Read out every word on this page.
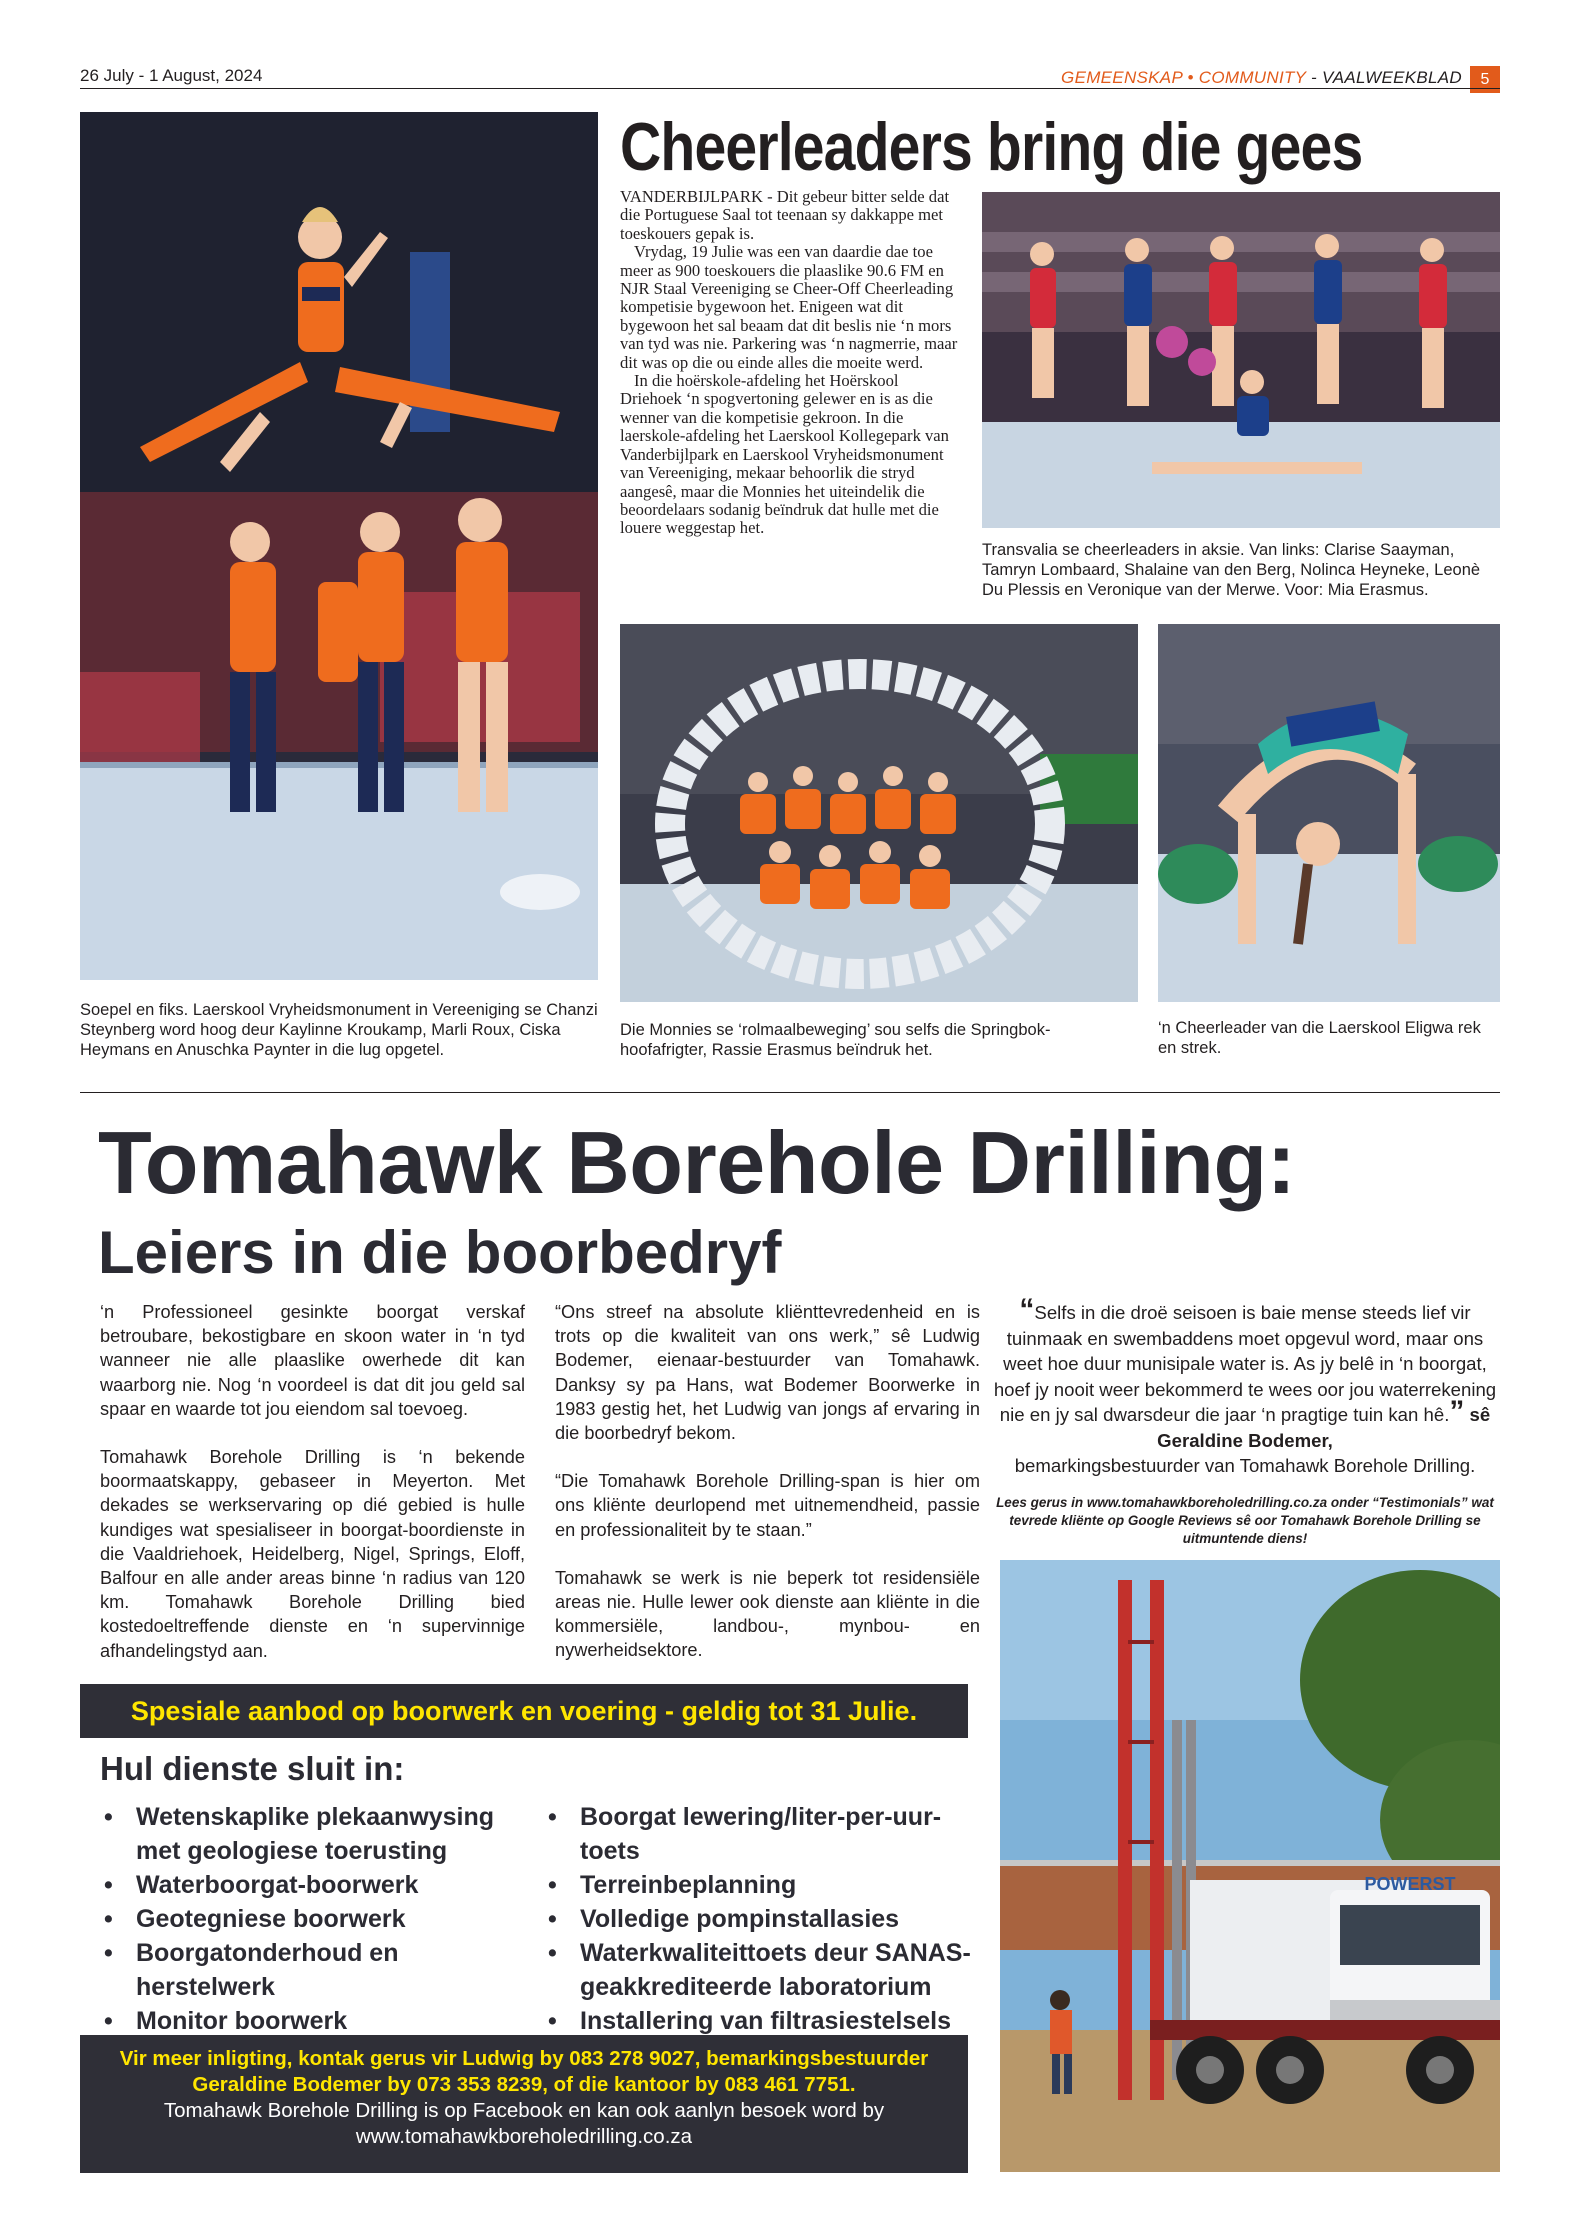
26 July - 1 August, 2024	GEMEENSKAP • COMMUNITY - VAALWEEKBLAD	5
Cheerleaders bring die gees

VANDERBIJLPARK - Dit gebeur bitter selde dat die Portuguese Saal tot teenaan sy dakkappe met toeskouers gepak is.

Vrydag, 19 Julie was een van daardie dae toe meer as 900 toeskouers die plaaslike 90.6 FM en NJR Staal Vereeniging se Cheer-Off Cheerleading kompetisie bygewoon het. Enigeen wat dit bygewoon het sal beaam dat dit beslis nie ‘n mors van tyd was nie. Parkering was ‘n nagmerrie, maar dit was op die ou einde alles die moeite werd.

In die hoërskole-afdeling het Hoërskool Driehoek ‘n spogvertoning gelewer en is as die wenner van die kompetisie gekroon. In die laerskole-afdeling het Laerskool Kollegepark van Vanderbijlpark en Laerskool Vryheidsmonument van Vereeniging, mekaar behoorlik die stryd aangesê, maar die Monnies het uiteindelik die beoordelaars sodanig beïndruk dat hulle met die louere weggestap het.

Transvalia se cheerleaders in aksie. Van links: Clarise Saayman, Tamryn Lombaard, Shalaine van den Berg, Nolinca Heyneke, Leonè Du Plessis en Veronique van der Merwe. Voor: Mia Erasmus.
Soepel en fiks. Laerskool Vryheidsmonument in Vereeniging se Chanzi Steynberg word hoog deur Kaylinne Kroukamp, Marli Roux, Ciska Heymans en Anuschka Paynter in die lug opgetel.
Die Monnies se ‘rolmaalbeweging’ sou selfs die Springbok-hoofafrigter, Rassie Erasmus beïndruk het.
‘n Cheerleader van die Laerskool Eligwa rek en strek.
Tomahawk Borehole Drilling:
Leiers in die boorbedryf

‘n Professioneel gesinkte boorgat verskaf betroubare, bekostigbare en skoon water in ‘n tyd wanneer nie alle plaaslike owerhede dit kan waarborg nie. Nog ‘n voordeel is dat dit jou geld sal spaar en waarde tot jou eiendom sal toevoeg.

Tomahawk Borehole Drilling is ‘n bekende boormaatskappy, gebaseer in Meyerton. Met dekades se werkservaring op dié gebied is hulle kundiges wat spesialiseer in boorgat-boordienste in die Vaaldriehoek, Heidelberg, Nigel, Springs, Eloff, Balfour en alle ander areas binne ‘n radius van 120 km. Tomahawk Borehole Drilling bied kostedoeltreffende dienste en ‘n supervinnige afhandelingstyd aan.

“Ons streef na absolute kliënttevredenheid en is trots op die kwaliteit van ons werk,” sê Ludwig Bodemer, eienaar-bestuurder van Tomahawk. Danksy sy pa Hans, wat Bodemer Boorwerke in 1983 gestig het, het Ludwig van jongs af ervaring in die boorbedryf bekom.

“Die Tomahawk Borehole Drilling-span is hier om ons kliënte deurlopend met uitnemendheid, passie en professionaliteit by te staan.”

Tomahawk se werk is nie beperk tot residensiële areas nie. Hulle lewer ook dienste aan kliënte in die kommersiële, landbou-, mynbou- en nywerheidsektore.

“Selfs in die droë seisoen is baie mense steeds lief vir tuinmaak en swembaddens moet opgevul word, maar ons weet hoe duur munisipale water is. As jy belê in ‘n boorgat, hoef jy nooit weer bekommerd te wees oor jou waterrekening nie en jy sal dwarsdeur die jaar ‘n pragtige tuin kan hê.” sê Geraldine Bodemer,
bemarkingsbestuurder van Tomahawk Borehole Drilling.
Lees gerus in www.tomahawkboreholedrilling.co.za onder “Testimonials” wat tevrede kliënte op Google Reviews sê oor Tomahawk Borehole Drilling se uitmuntende diens!
POWERST
Spesiale aanbod op boorwerk en voering - geldig tot 31 Julie.
Hul dienste sluit in:
• Wetenskaplike plekaanwysing met geologiese toerusting
• Waterboorgat-boorwerk
• Geotegniese boorwerk
• Boorgatonderhoud en herstelwerk
• Monitor boorwerk
• Boorgat lewering/liter-per-uur-toets
• Terreinbeplanning
• Volledige pompinstallasies
• Waterkwaliteittoets deur SANAS-geakkrediteerde laboratorium
• Installering van filtrasiestelsels
Vir meer inligting, kontak gerus vir Ludwig by 083 278 9027, bemarkingsbestuurder Geraldine Bodemer by 073 353 8239, of die kantoor by 083 461 7751.
Tomahawk Borehole Drilling is op Facebook en kan ook aanlyn besoek word by www.tomahawkboreholedrilling.co.za
